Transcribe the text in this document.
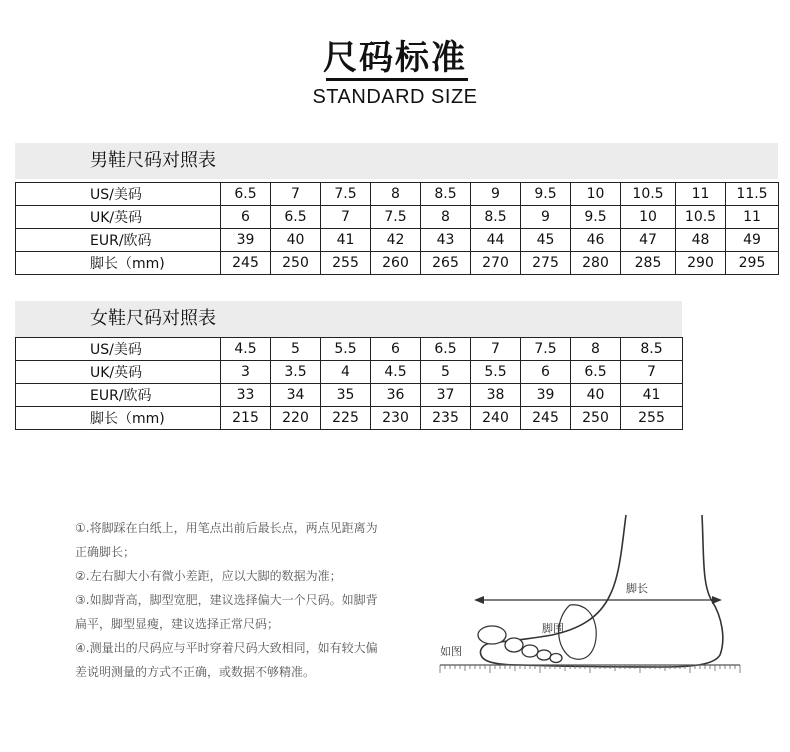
尺码标准
STANDARD SIZE
男鞋尺码对照表
US/美码	6.5	7	7.5	8	8.5	9	9.5	10	10.5	11	11.5
UK/英码	6	6.5	7	7.5	8	8.5	9	9.5	10	10.5	11
EUR/欧码	39	40	41	42	43	44	45	46	47	48	49
脚长（mm)	245	250	255	260	265	270	275	280	285	290	295
女鞋尺码对照表
US/美码	4.5	5	5.5	6	6.5	7	7.5	8	8.5
UK/英码	3	3.5	4	4.5	5	5.5	6	6.5	7
EUR/欧码	33	34	35	36	37	38	39	40	41
脚长（mm)	215	220	225	230	235	240	245	250	255

①.将脚踩在白纸上，用笔点出前后最长点，两点见距离为

正确脚长；

②.左右脚大小有微小差距，应以大脚的数据为准；

③.如脚背高，脚型宽肥，建议选择偏大一个尺码。如脚背

扁平，脚型显瘦，建议选择正常尺码；

④.测量出的尺码应与平时穿着尺码大致相同，如有较大偏

差说明测量的方式不正确，或数据不够精准。

脚长
脚围
如图
